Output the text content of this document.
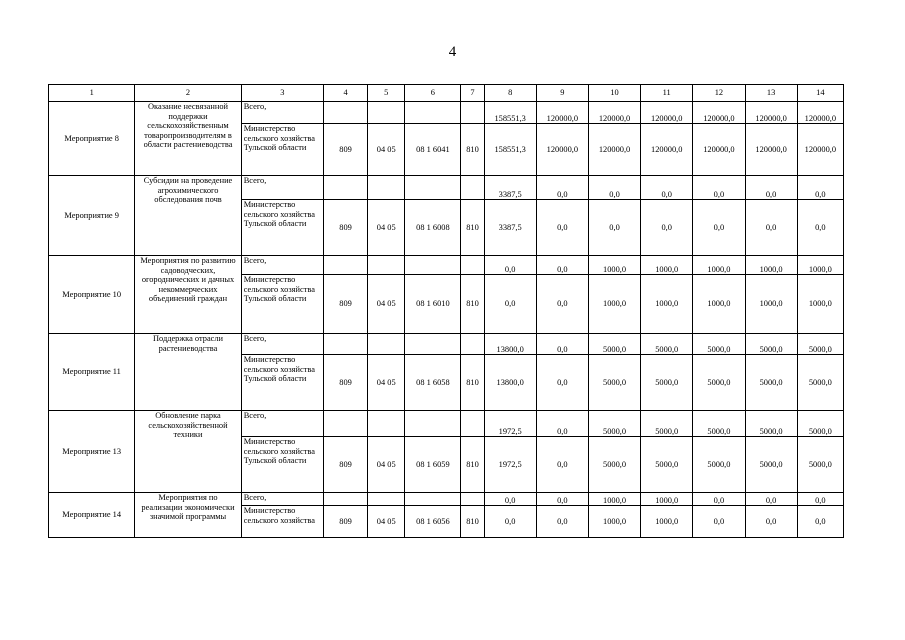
4
1	2	3	4	5	6	7	8	9	10	11	12	13	14
Мероприятие 8	Оказание несвязанной поддержки сельскохозяйственным товаропроизводителям в области растениеводства	Всего,					158551,3	120000,0	120000,0	120000,0	120000,0	120000,0	120000,0
		Министерство сельского хозяйства Тульской области	809	04 05	08 1 6041	810	158551,3	120000,0	120000,0	120000,0	120000,0	120000,0	120000,0
Мероприятие 9	Субсидии на проведение агрохимического обследования почв	Всего,					3387,5	0,0	0,0	0,0	0,0	0,0	0,0
		Министерство сельского хозяйства Тульской области	809	04 05	08 1 6008	810	3387,5	0,0	0,0	0,0	0,0	0,0	0,0
Мероприятие 10	Мероприятия по развитию садоводческих, огороднических и дачных некоммерческих объединений граждан	Всего,					0,0	0,0	1000,0	1000,0	1000,0	1000,0	1000,0
		Министерство сельского хозяйства Тульской области	809	04 05	08 1 6010	810	0,0	0,0	1000,0	1000,0	1000,0	1000,0	1000,0
Мероприятие 11	Поддержка отрасли растениеводства	Всего,					13800,0	0,0	5000,0	5000,0	5000,0	5000,0	5000,0
		Министерство сельского хозяйства Тульской области	809	04 05	08 1 6058	810	13800,0	0,0	5000,0	5000,0	5000,0	5000,0	5000,0
Мероприятие 13	Обновление парка сельскохозяйственной техники	Всего,					1972,5	0,0	5000,0	5000,0	5000,0	5000,0	5000,0
		Министерство сельского хозяйства Тульской области	809	04 05	08 1 6059	810	1972,5	0,0	5000,0	5000,0	5000,0	5000,0	5000,0
Мероприятие 14	Мероприятия по реализации экономически значимой программы	Всего,					0,0	0,0	1000,0	1000,0	0,0	0,0	0,0
		Министерство сельского хозяйства	809	04 05	08 1 6056	810	0,0	0,0	1000,0	1000,0	0,0	0,0	0,0
